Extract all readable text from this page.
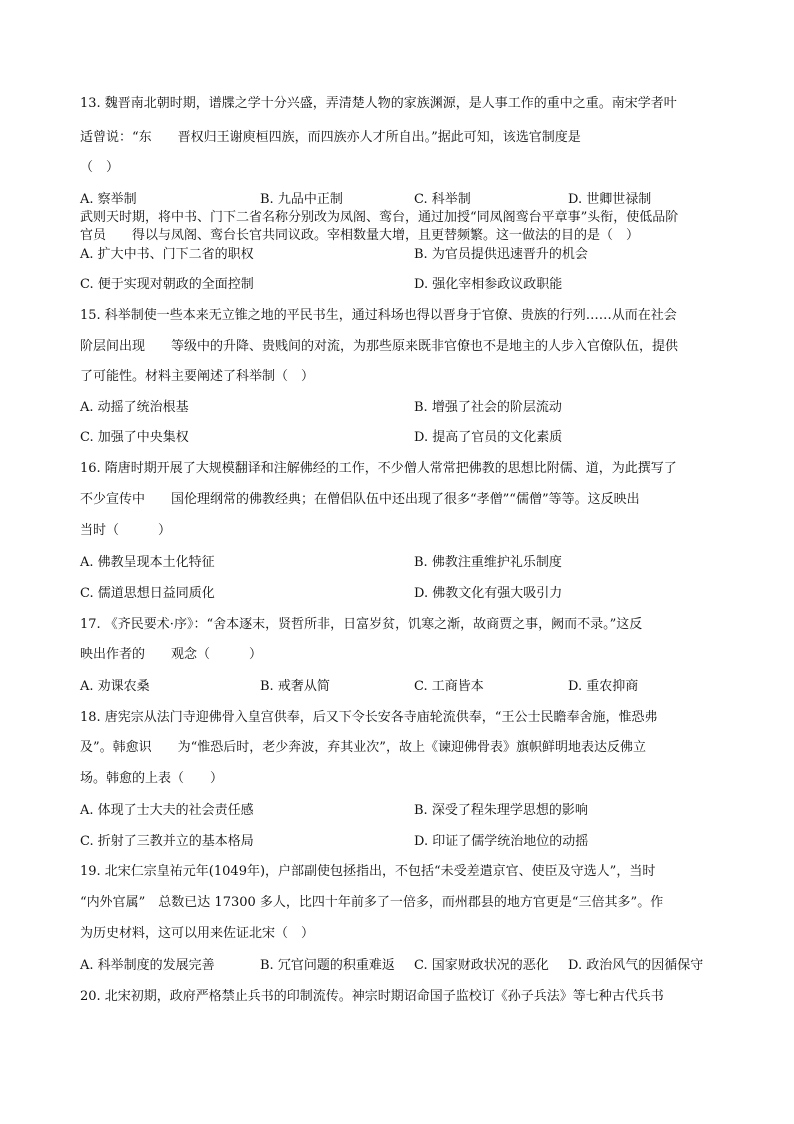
13. 魏晋南北朝时期，谱牒之学十分兴盛，弄清楚人物的家族渊源，是人事工作的重中之重。南宋学者叶
适曾说：“东　　晋权归王谢庾桓四族，而四族亦人才所自出。”据此可知，该选官制度是
（　）
A. 察举制	B. 九品中正制	C. 科举制	D. 世卿世禄制
武则天时期，将中书、门下二省名称分别改为凤阁、鸾台，通过加授“同凤阁鸾台平章事”头衔，使低品阶
官员　　得以与凤阁、鸾台长官共同议政。宰相数量大增，且更替频繁。这一做法的目的是（　）
A. 扩大中书、门下二省的职权	B. 为官员提供迅速晋升的机会
C. 便于实现对朝政的全面控制	D. 强化宰相参政议政职能
15. 科举制使一些本来无立锥之地的平民书生，通过科场也得以晋身于官僚、贵族的行列……从而在社会
阶层间出现　　等级中的升降、贵贱间的对流，为那些原来既非官僚也不是地主的人步入官僚队伍，提供
了可能性。材料主要阐述了科举制（　）
A. 动摇了统治根基	B. 增强了社会的阶层流动
C. 加强了中央集权	D. 提高了官员的文化素质
16. 隋唐时期开展了大规模翻译和注解佛经的工作，不少僧人常常把佛教的思想比附儒、道，为此撰写了
不少宣传中　　国伦理纲常的佛教经典；在僧侣队伍中还出现了很多“孝僧”“儒僧”等等。这反映出
当时（　　　）
A. 佛教呈现本土化特征	B. 佛教注重维护礼乐制度
C. 儒道思想日益同质化	D. 佛教文化有强大吸引力
17. 《齐民要术·序》：“舍本逐末，贤哲所非，日富岁贫，饥寒之渐，故商贾之事，阙而不录。”这反
映出作者的　　观念（　　　）
A. 劝课农桑	B. 戒奢从简	C. 工商皆本	D. 重农抑商
18. 唐宪宗从法门寺迎佛骨入皇宫供奉，后又下令长安各寺庙轮流供奉，“王公士民瞻奉舍施，惟恐弗
及”。韩愈识　　为“惟恐后时，老少奔波，弃其业次”，故上《谏迎佛骨表》旗帜鲜明地表达反佛立
场。韩愈的上表（　　）
A. 体现了士大夫的社会责任感	B. 深受了程朱理学思想的影响
C. 折射了三教并立的基本格局	D. 印证了儒学统治地位的动摇
19. 北宋仁宗皇祐元年(1049年)，户部副使包拯指出，不包括“未受差遣京官、使臣及守选人”，当时
“内外官属”　总数已达 17300 多人，比四十年前多了一倍多，而州郡县的地方官更是“三倍其多”。作
为历史材料，这可以用来佐证北宋（　）
A. 科举制度的发展完善	B. 冗官问题的积重难返 C. 国家财政状况的恶化 D. 政治风气的因循保守
20. 北宋初期，政府严格禁止兵书的印制流传。神宗时期诏命国子监校订《孙子兵法》等七种古代兵书
